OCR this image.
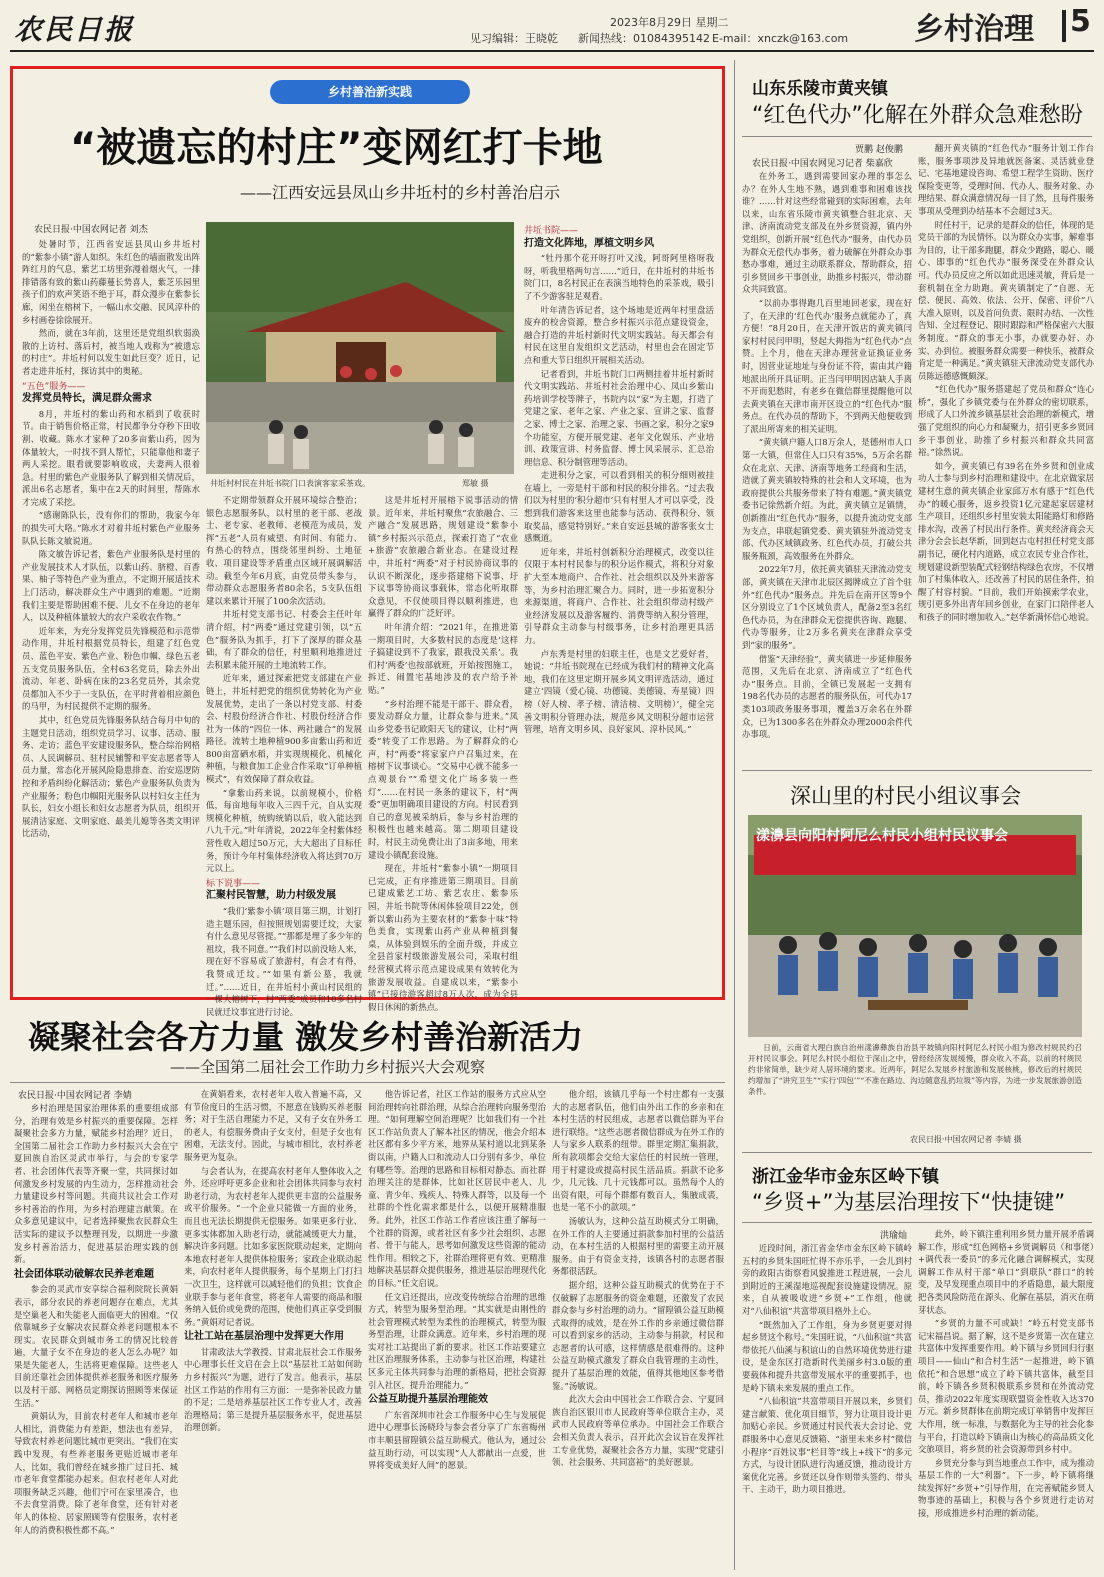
农民日报	2023年8月29日 星期二
见习编辑：王晓乾 新闻热线：01084395142 E-mail：xnczk@163.com 乡村治理 5
乡村善治新实践
“被遗忘的村庄”变网红打卡地
——江西安远县凤山乡井坵村的乡村善治启示
农民日报·中国农网记者 刘杰
井坵村村民在井坵书院门口表演客家采茶戏。	郑敏 摄

处暑时节，江西省安远县凤山乡井坵村的“紫参小镇”游人如织。朱红色的墙面散发出阵阵红月的气息，紫艺工坊里弥漫着烟火气，一排排错落有致的紫山药藤蔓长势喜人，紫芝乐园里孩子们的欢声笑语不绝于耳，群众漫步在紫参长廊，闲坐在榕树下，一幅山水交融、民风淳朴的乡村画卷徐徐展开。

然而，就在3年前，这里还是党组织软弱涣散的上访村、落后村，被当地人戏称为“被遗忘的村庄”。井坵村何以发生如此巨变？近日，记者走进井坵村，探访其中的奥秘。

“五色”服务——
发挥党员特长，满足群众需求

8月，井坵村的紫山药和水稻到了收获时节。由于销售价格正常，村民都争分夺秒下田收割、收藏。陈水才家种了20多亩紫山药，因为体量较大，一时找不到人帮忙，只能靠他和妻子两人采挖。眼看就要影响收成，夫妻两人很着急。村里的紫色产业服务队了解到相关情况后，派出6名志愿者，集中在2天的时间里，帮陈水才完成了采挖。

“感谢陈队长，没有你们的帮助，我家今年的损失可大咯。”陈水才对着井坵村紫色产业服务队队长陈文敏说道。

陈文敏告诉记者，紫色产业服务队是村里的产业发展技术人才队伍，以紫山药、脐橙、百香果、柚子等特色产业为重点，不定期开展适技术上门活动，解决群众生产中遇到的难题。“近期我们主要是帮助困难不便、儿女不在身边的老年人，以及种植体量较大的农户采收农作物。”

近年来，为充分发挥党员先锋模范和示范带动作用，井坵村根据党员特长，组建了红色党员、蓝色平安、紫色产业、粉色巾帼、绿色五老五支党员服务队伍，全村63名党员，除去外出流动、年老、卧病在床的23名党员外，其余党员都加入不少于一支队伍，在平时背着相应颜色的马甲，为村民提供不定期的服务。

其中，红色党员先锋服务队结合每月中旬的主题党日活动，组织党员学习、议事、活动、服务、走访；蓝色平安建设服务队，整合综治网格员、人民调解员、驻村民辅警和平安志愿者等人员力量，常态化开展风险隐患排查、治安巡逻防控和矛盾纠纷化解活动；紫色产业服务队负责为产业服务；粉色巾帼阳光服务队以村妇女主任为队长，妇女小组长和妇女志愿者为队员，组织开展清洁家庭、文明家庭、最美儿媳等各类文明评比活动，

不定期带领群众开展环境综合整治；银色志愿服务队，以村里的老干部、老战士、老专家、老教师、老模范为成员，发挥“五老”人员有威望、有时间、有能力、有热心的特点，围绕邻里纠纷、土地征收、项目建设等矛盾重点区域开展调解活动。截至今年6月底，由党员带头参与，带动群众志愿服务者80余名，5支队伍组建以来累计开展了100余次活动。

井坵村党支部书记、村委会主任叶年清介绍，村“两委”通过党建引领，以“五色”服务队为抓手，打下了深厚的群众基础，有了群众的信任，村里顺利地推进过去积累未能开展的土地流转工作。

近年来，通过探索把党支部建在产业链上，井坵村把党的组织优势转化为产业发展优势，走出了一条以村党支部、村委会、村股份经济合作社、村股份经济合作社为一体的“四位一体、两社融合”的发展路径。流转土地种植900多亩紫山药和近800亩富硒水稻，并实现规模化、机械化种植，与粮食加工企业合作采取“订单种植模式”，有效保障了群众收益。

“拿紫山药来说，以前规模小，价格低，每亩地每年收入三四千元，自从实现规模化种植，统购统销以后，收入能达到八九千元。”叶年清说，2022年全村紫体经营性收入超过50万元，大大超出了目标任务，预计今年村集体经济收入将达到70万元以上。

标下说事——
汇聚村民智慧，助力村级发展

“我们‘紫参小镇’项目第三期，计划打造主题乐园，但按照规划需要迁坟，大家有什么意见尽管提。”“那都是埋了多少年的祖坟，我不同意。”“我们村以前没啥人来，现在好不容易成了旅游村，有会才有得，我赞成迁坟。”“如果有新公墓，我就迁。”……近日，在井坵村小黄山村民组的一棵大榕树下，村“两委”成员和10多名村民就迁坟事宜进行讨论。

这是井坵村开展榕下说事活动的情景。近年来，井坵村聚焦“农旅融合、三产融合”发展思路，规划建设“紫参小镇”乡村振兴示范点，探索打造了“农业+旅游”农旅融合新业态。在建设过程中，井坵村“两委”对于村民协商议事的认识不断深化，逐步搭建榕下说事、圩下议事等协商议事载体，常态化听取群众意见，不仅使项目得以顺利推进，也赢得了群众的广泛好评。

叶年清介绍：“2021年，在推进第一期项目时，大多数村民的态度是‘这样子搞建设到不了我家，跟我没关系’。我们村‘两委’也按部就班，开始按图施工，拆迁、闹置宅基地涉及的农户给予补贴。”

“乡村治理不能是干部干、群众看，要发动群众力量，让群众参与进来。”凤山乡党委书记欧阳天飞的建议，让村“两委”转变了工作思路。为了解群众的心声，村“两委”将家家户户召集过来，在榕树下议事谈心。“交易中心就不能多一点观景台”“希望文化广场多装一些灯”……在村民一条条的建议下，村“两委”更加明确项目建设的方向。村民看到自己的意见被采纳后，参与乡村治理的积极性也越来越高。第二期项目建设时，村民主动免费让出了3亩多地，用来建设小镇配套设施。

现在，井坵村“紫参小镇”一期项目已完成，正有序推进第三期项目。目前已建成紫艺工坊、紫艺农庄、紫参乐园，井坵书院等休闲体验项目22处，创新以紫山药为主要农材的“紫参十味”特色美食，实现紫山药产业从种植到餐桌，从体验到娱乐的全面升级，并成立全县首家村级旅游发展公司，采取村组经营模式将示范点建设成果有效转化为旅游发展收益。自建成以来，“紫参小镇”已接待游客超过8万人次，成为全县假日休闲的新热点。

井坵书院——
打造文化阵地，厚植文明乡风

“牡丹那个花开呀打叶又浅，阿哥阿里格呀我呀，听我里格两句言……”近日，在井坵村的井坵书院门口，8名村民正在表演当地特色的采茶戏，吸引了不少游客驻足观看。

叶年清告诉记者，这个场地是近两年村里盘活废弃的校舍资源，整合乡村振兴示范点建设资金，融合打造的井坵村新时代文明实践站。每天都会有村民在这里自发组织文艺活动，村里也会在固定节点和重大节日组织开展相关活动。

记者看到，井坵书院门口两侧挂着井坵村新时代文明实践站、井坵村社会治理中心、凤山乡紫山药培训学校等牌子，书院内以“家”为主题，打造了党建之家、老年之家、产业之家、宣讲之家、监督之家、博士之家、治理之家、书画之家，积分之家9个功能室，方便开展党建、老年文化娱乐、产业培训、政策宣讲、村务监督、博士风采展示、汇总治理信息、积分制管理等活动。

走进积分之家，可以看到相关的积分细则被挂在墙上，一旁是村干部和村民的积分排名。“过去我们以为村里的‘积分超市’只有村里人才可以享受，没想到我们游客来这里也能参与活动、获得积分、领取奖品，感觉特别好。”来自安远县城的游客张女士感慨道。

近年来，井坵村创新积分治理模式，改变以往仅限于本村村民参与的积分运作模式，将积分对象扩大至本地商户、合作社、社会组织以及外来游客等，为乡村治理汇聚合力。同时，进一步拓宽积分来源渠道，将商户、合作社、社会组织带动村级产业经济发展以及游客履约、消费等纳入积分管理，引导群众主动参与村级事务，让乡村治理更具活力。

卢东秀是村里的妇联主任，也是文艺爱好者，她说：“井坵书院现在已经成为我们村的精神文化高地，我们在这里定期开展乡风文明评选活动，通过建立‘四镜（爱心镜、功德镜、美德镜、寿星镜）四榜（好人榜、孝子榜、清洁榜、文明榜）’，健全完善文明积分管理办法，规范乡风文明积分超市运营管理，培育文明乡风、良好家风、淳朴民风。”

凝聚社会各方力量 激发乡村善治新活力
——全国第二届社会工作助力乡村振兴大会观察
农民日报·中国农网记者 李婧

乡村治理是国家治理体系的重要组成部分，治理有效是乡村振兴的重要保障。怎样凝聚社会多方力量，赋能乡村治理？近日，全国第二届社会工作助力乡村振兴大会在宁夏回族自治区灵武市举行，与会的专家学者、社会团体代表等齐聚一堂，共同探讨如何激发乡村发展的内生动力，怎样推动社会力量建设乡村等问题。共商共议社会工作对乡村善治的作用，为乡村治理建言献策。在众多意见建议中，记者选择聚焦农民群众生活实际的建议予以整理刊发，以期进一步激发乡村善治活力，促进基层治理实践的创新。

社会团体联动破解农民养老难题

参会的灵武市安享综合福利院院长黄娟表示，部分农民的养老问题存在难点，尤其是空巢老人和失能老人面临更大的困难。“仅依靠城乡子女解决农民群众养老问题根本不现实。农民群众到城市务工的情况比较普遍，大量子女不在身边的老人怎么办呢？如果是失能老人，生活将更难保障。这些老人目前还靠社会团体提供养老服务和医疗服务以及村干部、网格员定期探访照顾等来保证生活。”

黄娟认为，目前农村老年人和城市老年人相比，消费能力有差距，想法也有差异，导致农村养老问题比城市更突出。“我们在实践中发现，有些养老服务更贴近城市老年人，比如，我们曾经在城乡推广过日托、城市老年食堂都能办起来。但农村老年人对此项服务缺乏兴趣，他们宁可在家里凑合，也不去食堂消费。除了老年食堂，还有针对老年人的体检、居家照顾等有偿服务，农村老年人的消费积极性都不高。”

在黄娟看来，农村老年人收入普遍不高，又有节俭度日的生活习惯，不愿意在钱购买养老服务；对于生活自理能力不足，又有子女在外务工的老人，有偿服务费由子女支付，但是子女也有困难，无法支付。因此，与城市相比，农村养老服务更为复杂。

与会者认为，在提高农村老年人整体收入之外，还应呼吁更多企业和社会团体共同参与农村助老行动，为农村老年人提供更丰富的公益服务或平价服务。“一个企业只能做一方面的业务，而且也无法长期提供无偿服务。如果更多行业、更多实体都加入助老行动，就能减缓更大力量，解决许多问题。比如多家医院联动起来，定期向本地农村老年人提供体检服务；家政企业联动起来，向农村老年人提供服务，每个星期上门打扫一次卫生，这样就可以减轻他们的负担；饮食企业联手参与老年食堂，将老年人需要的商品和服务纳入低价或免费的范围，使他们真正享受到服务。”黄娟对记者说。

让社工站在基层治理中发挥更大作用

甘肃政法大学教授、甘肃北辰社会工作服务中心理事长任文启在会上以“基层社工站如何助力乡村振兴”为题，进行了发言。他表示，基层社区工作站的作用有三方面：一是弥补民政力量的不足；二是培养基层社区工作专业人才，改善治理格局；第三是提升基层服务水平，促进基层治理创新。

他告诉记者，社区工作站的服务方式应从空间治理转向社群治理，从综合治理转向服务型治理。“如何理解空间治理呢？比如我们有一个社区工作站负责人了解本社区的情况，他会介绍本社区都有多少平方米，地界从某村道以北到某条街以南，户籍人口和流动人口分别有多少，单位有哪些等。治理的思路和目标相对静态。而社群治理关注的是群体，比如社区居民中老人、儿童、青少年、残疾人、特殊人群等，以及每一个社群的个性化需求都是什么，以便开展精准服务。此外，社区工作站工作者应该注重了解每一个社群的资源，或者社区有多少社会组织、志愿者、骨干与能人，思考如何激发这些资源的能动性作用。相较之下，社群治理将更有效、更精准地解决基层群众提供服务，推进基层治理现代化的目标。”任文启说。

任文启还提出，应改变传统综合治理的思维方式，转型为服务型治理。“其实就是由刚性的社会管理模式转型为柔性的治理模式，转型为服务型治理，让群众满意。近年来，乡村治理的现实对社工站提出了新的要求。社区工作站要建立社区治理服务体系，主动参与社区治理，构建社区多元主体共同参与治理的新格局，把社会资源引入社区，提升治理能力。”

公益互助提升基层治理能效

广东省深圳市社会工作服务中心生与发展促进中心理事长汤晓玲与参会者分享了广东省梅州市丰顺县留隍镇公益互助模式。他认为，通过公益互助行动，可以实现“人人都献出一点爱，世界将变成美好人间”的愿景。

他介绍，该镇几乎每一个村庄都有一支强大的志愿者队伍，他们由外出工作的乡亲和在本村生活的村民组成，志愿者以微信群为平台进行联络。“这些志愿者微信群成为在外工作的人与家乡人联系的纽带。群里定期汇集捐款，所有款项都会交给大家信任的村民统一管理，用于村建设或提高村民生活品质。捐款不论多少，几元钱、几十元钱都可以。虽然每个人的出资有限，可每个群都有数百人，集腋成裘，也是一笔不小的款项。”

汤敏认为，这种公益互助模式分工明确，在外工作的人主要通过捐款参加村里的公益活动，在本村生活的人根据村里的需要主动开展服务。由于有资金支持，该镇各村的志愿者服务都很活跃。

据介绍，这种公益互助模式的优势在于不仅破解了志愿服务的资金难题，还激发了农民群众参与乡村治理的动力。“留隍镇公益互助模式取得的成效，是在外工作的乡亲通过微信群可以看到家乡的活动，主动参与捐款，村民和志愿者的认可感，这样情感是很难得的。这种公益互助模式激发了群众自我管理的主动性，提升了基层治理的效能，值得其他地区参考借鉴。”汤敏说。

此次大会由中国社会工作联合会、宁夏回族自治区银川市人民政府等单位联合主办，灵武市人民政府等单位承办。中国社会工作联合会相关负责人表示，召开此次会议旨在发挥社工专业优势，凝聚社会各方力量，实现“党建引领、社会服务、共同富裕”的美好愿景。

山东乐陵市黄夹镇
“红色代办”化解在外群众急难愁盼
贾鹏 赵俊鹏
农民日报·中国农网见习记者 柴嘉欣

在外务工，遇到需要回家办理的事怎么办？在外人生地不熟，遇到难事和困难该找谁？……针对这些经常碰到的实际困难，去年以来，山东省乐陵市黄夹镇整合驻北京、天津、济南流动党支部及在外乡贤资源，镇内外党组织，创新开展“红色代办”服务，由代办员为群众无偿代办事务，着力破解在外群众办事愁办事难，通过主动联系群众、帮助群众，招引乡贤回乡干事创业，助推乡村振兴，带动群众共同致富。

“以前办事得跑几百里地回老家，现在好了，在天津的‘红色代办’服务点就能办了，真方便！”8月20日，在天津开饭店的黄夹镇闫家村村民闫甲明，竖起大拇指为“红色代办”点赞。上个月，他在天津办理营业证换证业务时，因营业证地址与身份证不符，需由其户籍地派出所开具证明。正当闫甲明因店缺人手离不开而犯愁时，有老乡在微信群里提醒他可以去黄夹镇在天津市南开区设立的“红色代办”服务点。在代办员的帮助下，不到两天他便收到了派出所寄来的相关证明。

“黄夹镇户籍人口8万余人，是德州市人口第一大镇，但常住人口只有35%，5万余名群众在北京、天津、济南等地务工经商和生活，造就了黄夹镇较特殊的社会和人文环境，也为政府提供公共服务带来了特有难题。”黄夹镇党委书记徐然新介绍。为此，黄夹镇立足镇情，创新推出“红色代办”服务，以提升流动党支部为支点，串联起镇党委、黄夹镇驻外流动党支部、代办区域镇政务、红色代办员，打破公共服务瓶颈，高效服务在外群众。

2022年7月，依托黄夹镇驻天津流动党支部，黄夹镇在天津市北辰区揭牌成立了首个驻外“红色代办”服务点。并先后在南开区等9个区分别设立了1个区域负责人，配备2至3名红色代办员，为在津群众无偿提供咨询、跑腿、代办等服务，让2万多名黄夹在津群众享受到“家的服务”。

借鉴“天津经验”，黄夹镇进一步延伸服务范围，又先后在北京、济南成立了“红色代办”服务点。目前，全镇已发展起一支拥有198名代办员的志愿者的服务队伍，可代办17类103项政务服务事项，覆盖3万余名在外群众，已为1300多名在外群众办理2000余件代办事项。

翻开黄夹镇的“红色代办”服务计划工作台账，服务事项涉及异地就医备案、灵活就业登记、宅基地建设咨询、希望工程学生资助、医疗保险变更等，受理时间、代办人、服务对象、办理结果、群众满意情况每一目了然，且每件服务事项从受理到办结基本不会超过3天。

时任村干，记录的是群众的信任，体现的是党员干部的为民情怀。以为群众办实事，解难事为目的，让干部多跑腿，群众少跑路，聪心、暖心、即事的“红色代办”服务深受在外群众认可。代办员反应之所以如此迅速灵敏，背后是一套机制在全力助跑。黄夹镇制定了“自愿、无偿、便民、高效、依法、公开、保密、评价”八大准入原则，以及首问负责、限时办结、一次性告知、全过程登记、限时跟踪和严格保密六大服务制度。“群众的事无小事，办就要办好、办实、办到位。被服务群众需要一种快乐，被群众肯定是一种满足。”黄夹镇驻天津流动党支部代办员陈远德感慨颇深。

“红色代办”服务搭建起了党员和群众“连心桥”，强化了乡镇党委与在外群众的密切联系，形成了人口外流乡镇基层社会治理的新模式，增强了党组织的向心力和凝聚力，招引更多乡贤回乡干事创业，助推了乡村振兴和群众共同富裕。”徐然说。

如今，黄夹镇已有39名在外乡贤和创业成功人士参与到乡村治理和建设中。在北京做家居建材生意的黄夹镇企业家邱万水有感于“红色代办”的暖心服务，返乡投资1亿元建起家居建材生产项目，还组织乡村里安装太阳能路灯和修路排水沟，改善了村民出行条件。黄夹经济商会天津分会会长赵华新，回到赵古屯村担任村党支部副书记，硬化村内道路，成立农民专业合作社，规划建设新型装配式轻钢结构绿色农房，不仅增加了村集体收入，还改善了村民的居住条件，拍醒了村容村貌。“目前，我们开始摸索学农业，规引更多外出青年回乡创业，在家门口陪伴老人和孩子的同时增加收入。”赵华新满怀信心地说。

深山里的村民小组议事会
漾濞县向阳村阿尼么村民小组村民议事会
日前，云南省大理白族自治州漾濞彝族自治县平坡镇向阳村阿尼么村民小组为修改村规民约召开村民议事会。阿尼么村民小组位于深山之中，曾经经济发展缓慢，群众收入不高，以前的村规民约非常简单，缺少对人居环境的要求。近两年，阿尼么发展乡村旅游和发展核桃，修改后的村规民约增加了“讲究卫生”“实行‘四包’”“不准在路边、沟边随意乱扔垃圾”等内容，为进一步发展旅游创造条件。
农民日报·中国农网记者 李婧 摄
浙江金华市金东区岭下镇
“乡贤+”为基层治理按下“快捷键”
洪瑜灿

近段时间，浙江省金华市金东区岭下镇岭五村的乡贤朱国旺忙得不亦乐乎，一会儿到村旁的政阳古街察看风貌推进工程进展，一会儿到附近的王溪湿地巡视配套设施建设情况。原来，自从被吸收进“乡贤+”工作组，他就对“八仙积谊”共富带项目格外上心。

“既然加入了工作组，身为乡贤更要对得起乡贤这个称号。”朱国旺说，“八仙积谊”共富带依托八仙溪与积谊山的自然环境优势进行建设，是金东区打造新时代美丽乡村3.0版的重要载体和提升共富带发展水平的重要抓手，也是岭下镇未来发展的重点工作。

“八仙积谊”共富带项目开展以来，乡贤们建言献策、优化项目细节，努力让项目设计更加贴心亲民。乡贤通过村民代表大会讨论、党群服务中心意见反馈箱、“浙里未来乡村”微信小程序“百姓议事”栏目等“线上+线下”的多元方式，与设计团队进行沟通反馈，推动设计方案优化完善。乡贤还以身作则带头签约、带头干、主动干，助力项目推进。

此外，岭下镇注重利用乡贤力量开展矛盾调解工作，形成“红色网格+乡贤调解员（和事佬）+调代表一委员”的多元化融合调解模式，实现调解工作从村干部“单口”到联队“群口”的转变，及早发现重点项目中的矛盾隐患，最大限度把各类风险防范在源头、化解在基层，消灭在萌芽状态。

“乡贤的力量不可或缺！”岭五村党支部书记宋福昌说。据了解，这不是乡贤第一次在建立共富体中发挥重要作用。岭下镇与乡贤回归行驱项目——仙山“和合村生活”一起推进，岭下镇依托“和合思想”成立了岭下镇共富体，截至目前，岭下镇各乡贤积极联系乡贤和在外流动党员，推动2022年度实现联盟资金性收入达370万元。新乡贤群体在前期完成订单销售中发挥巨大作用，统一标准，与数据化为主导的社会化参与平台，打造以岭下镇南山为核心的高品质文化交旅项目，将乡贤的社会资源带到乡村中。

乡贤充分参与到当地重点工作中，成为推动基层工作的一大“利器”。下一步，岭下镇将继续发挥好“乡贤+”引导作用，在完善赋能乡贤人物事迹的基础上，积极与各个乡贤进行走访对接，形成推进乡村治理的新动能。
